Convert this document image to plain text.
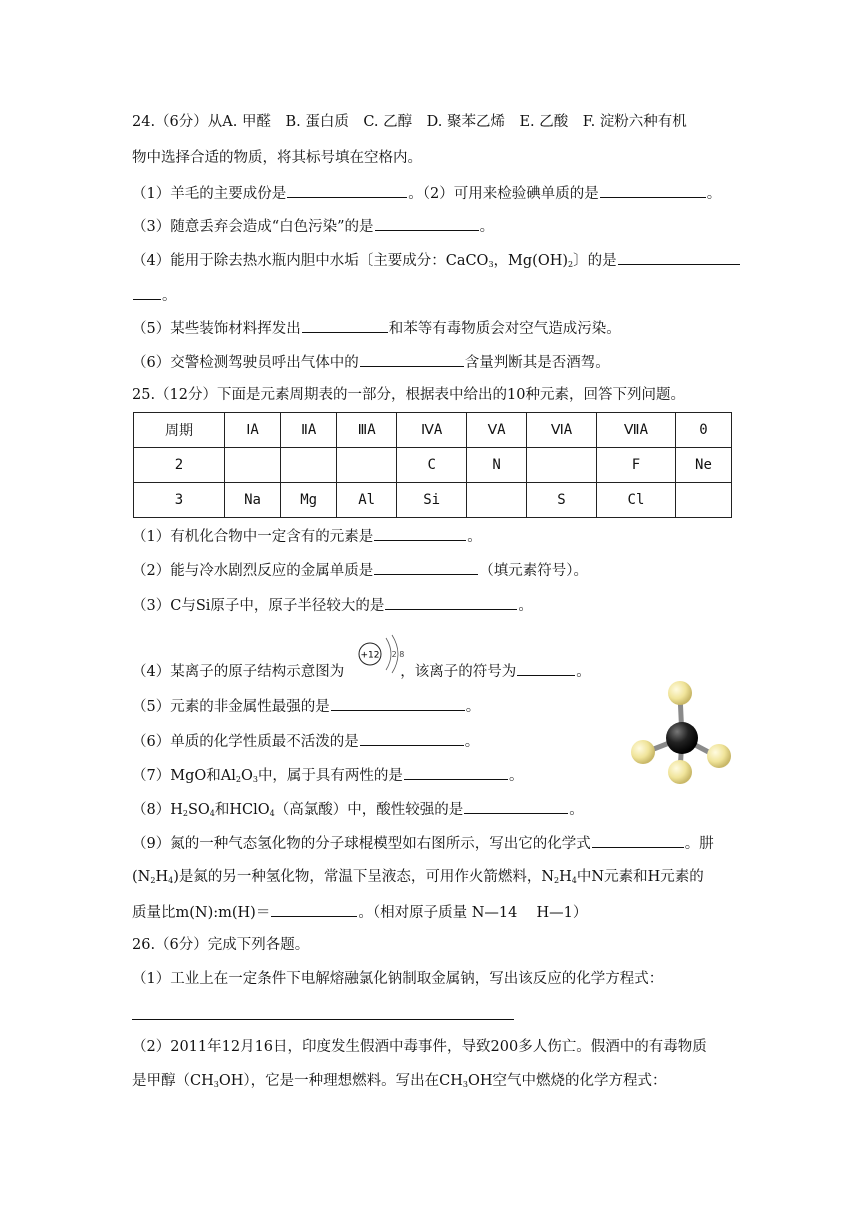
24.（6分）从A. 甲醛　B. 蛋白质　C. 乙醇　D. 聚苯乙烯　E. 乙酸　F. 淀粉六种有机
物中选择合适的物质，将其标号填在空格内。
（1）羊毛的主要成份是	。（2）可用来检验碘单质的是	。
（3）随意丢弃会造成“白色污染”的是	。
（4）能用于除去热水瓶内胆中水垢〔主要成分：CaCO$_3$，$Mg(OH)_2$〕的是
。
（5）某些装饰材料挥发出	和苯等有毒物质会对空气造成污染。
（6）交警检测驾驶员呼出气体中的	含量判断其是否酒驾。
25.（12分）下面是元素周期表的一部分，根据表中给出的10种元素，回答下列问题。
周期	ⅠA	ⅡA	ⅢA	ⅣA	ⅤA	ⅥA	ⅦA	0
2				C	N		F	Ne
3	Na	Mg	Al	Si		S	Cl	
（1）有机化合物中一定含有的元素是	。
（2）能与冷水剧烈反应的金属单质是	（填元素符号）。
（3）C与Si原子中，原子半径较大的是	。
（4）某离子的原子结构示意图为	，该离子的符号为	。
+12 2 8
（5）元素的非金属性最强的是	。
（6）单质的化学性质最不活泼的是	。
（7）MgO和$Al_2O_3$中，属于具有两性的是	。
$(8)H_2SO_4$和HClO$_4$（高氯酸）中，酸性较强的是	。
（9）氮的一种气态氢化物的分子球棍模型如右图所示，写出它的化学式	。肼
$(N_2H_4)$是氮的另一种氢化物，常温下呈液态，可用作火箭燃料，$N_2H_4$中N元素和H元素的
质量比m(N):m(H)＝	。（相对原子质量 N—14　 H—1）
26.（6分）完成下列各题。
（1）工业上在一定条件下电解熔融氯化钠制取金属钠，写出该反应的化学方程式：
（2）2011年12月16日，印度发生假酒中毒事件，导致200多人伤亡。假酒中的有毒物质
是甲醇$(CH_3OH)$，它是一种理想燃料。写出在$CH_3OH$空气中燃烧的化学方程式：
